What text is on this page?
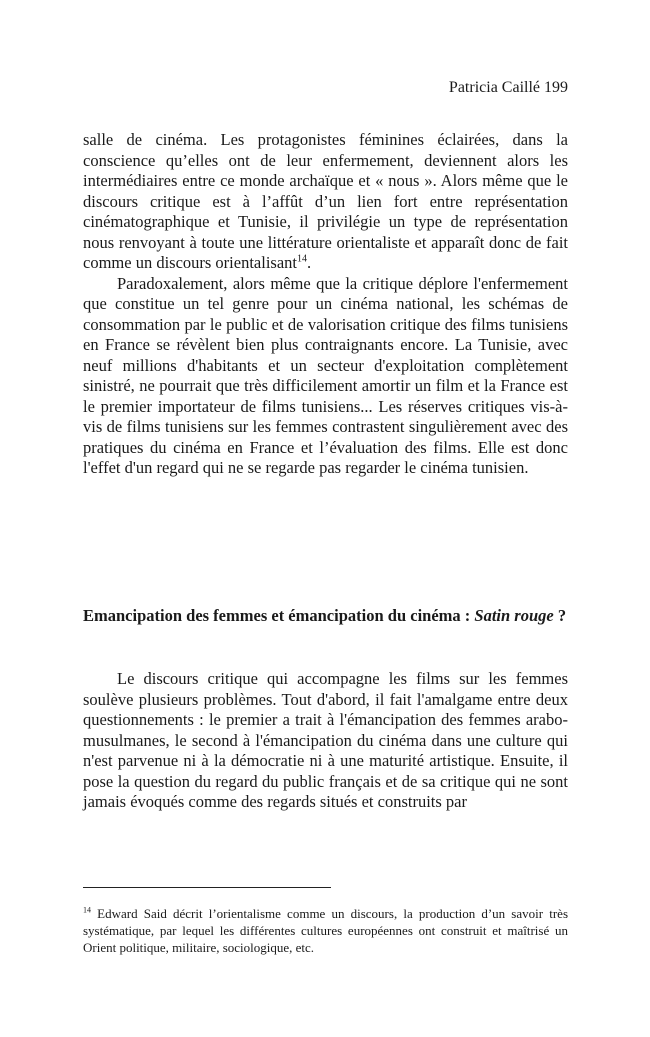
Patricia Caillé 199

salle de cinéma. Les protagonistes féminines éclairées, dans la conscience qu’elles ont de leur enfermement, deviennent alors les intermédiaires entre ce monde archaïque et « nous ». Alors même que le discours critique est à l’affût d’un lien fort entre représentation cinématographique et Tunisie, il privilégie un type de représentation nous renvoyant à toute une littérature orientaliste et apparaît donc de fait comme un discours orientalisant$^{14}$.

Paradoxalement, alors même que la critique déplore l'enfermement que constitue un tel genre pour un cinéma national, les schémas de consommation par le public et de valorisation critique des films tunisiens en France se révèlent bien plus contraignants encore. La Tunisie, avec neuf millions d'habitants et un secteur d'exploitation complètement sinistré, ne pourrait que très difficilement amortir un film et la France est le premier importateur de films tunisiens... Les réserves critiques vis-à-vis de films tunisiens sur les femmes contrastent singulièrement avec des pratiques du cinéma en France et l’évaluation des films. Elle est donc l'effet d'un regard qui ne se regarde pas regarder le cinéma tunisien.

Emancipation des femmes et émancipation du cinéma : Satin rouge ?

Le discours critique qui accompagne les films sur les femmes soulève plusieurs problèmes. Tout d'abord, il fait l'amalgame entre deux questionnements : le premier a trait à l'émancipation des femmes arabo-musulmanes, le second à l'émancipation du cinéma dans une culture qui n'est parvenue ni à la démocratie ni à une maturité artistique. Ensuite, il pose la question du regard du public français et de sa critique qui ne sont jamais évoqués comme des regards situés et construits par

$^{14}$ Edward Said décrit l’orientalisme comme un discours, la production d’un savoir très systématique, par lequel les différentes cultures européennes ont construit et maîtrisé un Orient politique, militaire, sociologique, etc.
